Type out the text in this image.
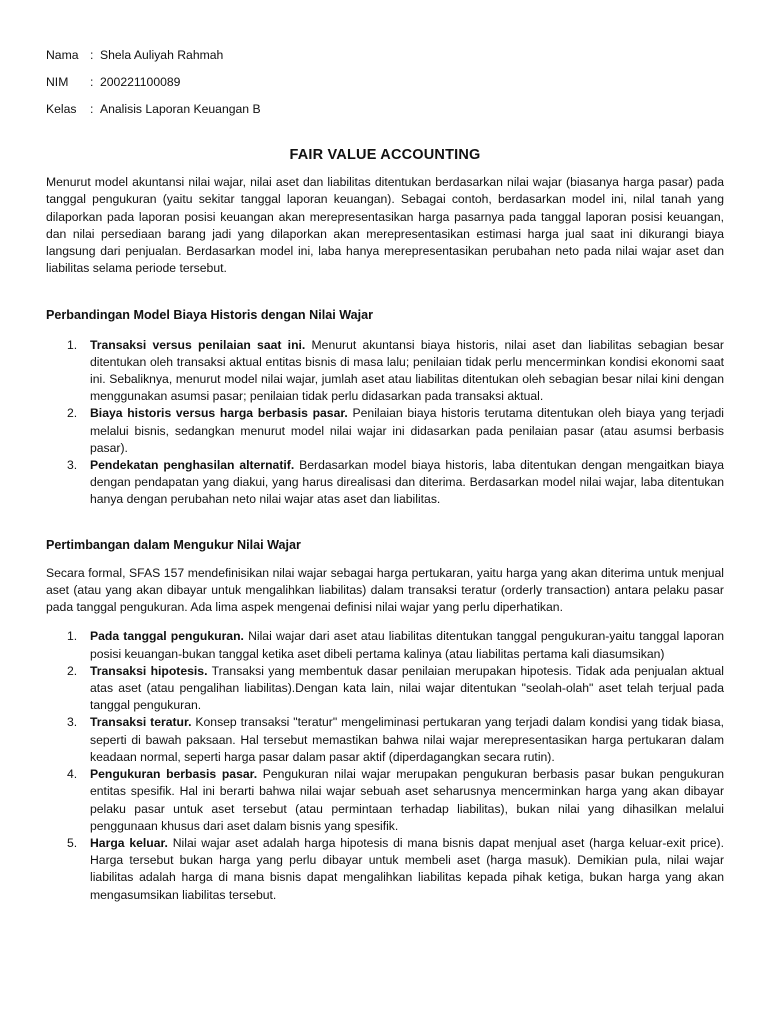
Nama : Shela Auliyah Rahmah
NIM	: 200221100089
Kelas	: Analisis Laporan Keuangan B
FAIR VALUE ACCOUNTING

Menurut model akuntansi nilai wajar, nilai aset dan liabilitas ditentukan berdasarkan nilai wajar (biasanya harga pasar) pada tanggal pengukuran (yaitu sekitar tanggal laporan keuangan). Sebagai contoh, berdasarkan model ini, nilal tanah yang dilaporkan pada laporan posisi keuangan akan merepresentasikan harga pasarnya pada tanggal laporan posisi keuangan, dan nilai persediaan barang jadi yang dilaporkan akan merepresentasikan estimasi harga jual saat ini dikurangi biaya langsung dari penjualan. Berdasarkan model ini, laba hanya merepresentasikan perubahan neto pada nilai wajar aset dan liabilitas selama periode tersebut.

Perbandingan Model Biaya Historis dengan Nilai Wajar
1. Transaksi versus penilaian saat ini. Menurut akuntansi biaya historis, nilai aset dan liabilitas sebagian besar ditentukan oleh transaksi aktual entitas bisnis di masa lalu; penilaian tidak perlu mencerminkan kondisi ekonomi saat ini. Sebaliknya, menurut model nilai wajar, jumlah aset atau liabilitas ditentukan oleh sebagian besar nilai kini dengan menggunakan asumsi pasar; penilaian tidak perlu didasarkan pada transaksi aktual.
2. Biaya historis versus harga berbasis pasar. Penilaian biaya historis terutama ditentukan oleh biaya yang terjadi melalui bisnis, sedangkan menurut model nilai wajar ini didasarkan pada penilaian pasar (atau asumsi berbasis pasar).
3. Pendekatan penghasilan alternatif. Berdasarkan model biaya historis, laba ditentukan dengan mengaitkan biaya dengan pendapatan yang diakui, yang harus direalisasi dan diterima. Berdasarkan model nilai wajar, laba ditentukan hanya dengan perubahan neto nilai wajar atas aset dan liabilitas.
Pertimbangan dalam Mengukur Nilai Wajar

Secara formal, SFAS 157 mendefinisikan nilai wajar sebagai harga pertukaran, yaitu harga yang akan diterima untuk menjual aset (atau yang akan dibayar untuk mengalihkan liabilitas) dalam transaksi teratur (orderly transaction) antara pelaku pasar pada tanggal pengukuran. Ada lima aspek mengenai definisi nilai wajar yang perlu diperhatikan.

1. Pada tanggal pengukuran. Nilai wajar dari aset atau liabilitas ditentukan tanggal pengukuran-yaitu tanggal laporan posisi keuangan-bukan tanggal ketika aset dibeli pertama kalinya (atau liabilitas pertama kali diasumsikan)
2. Transaksi hipotesis. Transaksi yang membentuk dasar penilaian merupakan hipotesis. Tidak ada penjualan aktual atas aset (atau pengalihan liabilitas).Dengan kata lain, nilai wajar ditentukan "seolah-olah" aset telah terjual pada tanggal pengukuran.
3. Transaksi teratur. Konsep transaksi "teratur" mengeliminasi pertukaran yang terjadi dalam kondisi yang tidak biasa, seperti di bawah paksaan. Hal tersebut memastikan bahwa nilai wajar merepresentasikan harga pertukaran dalam keadaan normal, seperti harga pasar dalam pasar aktif (diperdagangkan secara rutin).
4. Pengukuran berbasis pasar. Pengukuran nilai wajar merupakan pengukuran berbasis pasar bukan pengukuran entitas spesifik. Hal ini berarti bahwa nilai wajar sebuah aset seharusnya mencerminkan harga yang akan dibayar pelaku pasar untuk aset tersebut (atau permintaan terhadap liabilitas), bukan nilai yang dihasilkan melalui penggunaan khusus dari aset dalam bisnis yang spesifik.
5. Harga keluar. Nilai wajar aset adalah harga hipotesis di mana bisnis dapat menjual aset (harga keluar-exit price). Harga tersebut bukan harga yang perlu dibayar untuk membeli aset (harga masuk). Demikian pula, nilai wajar liabilitas adalah harga di mana bisnis dapat mengalihkan liabilitas kepada pihak ketiga, bukan harga yang akan mengasumsikan liabilitas tersebut.
